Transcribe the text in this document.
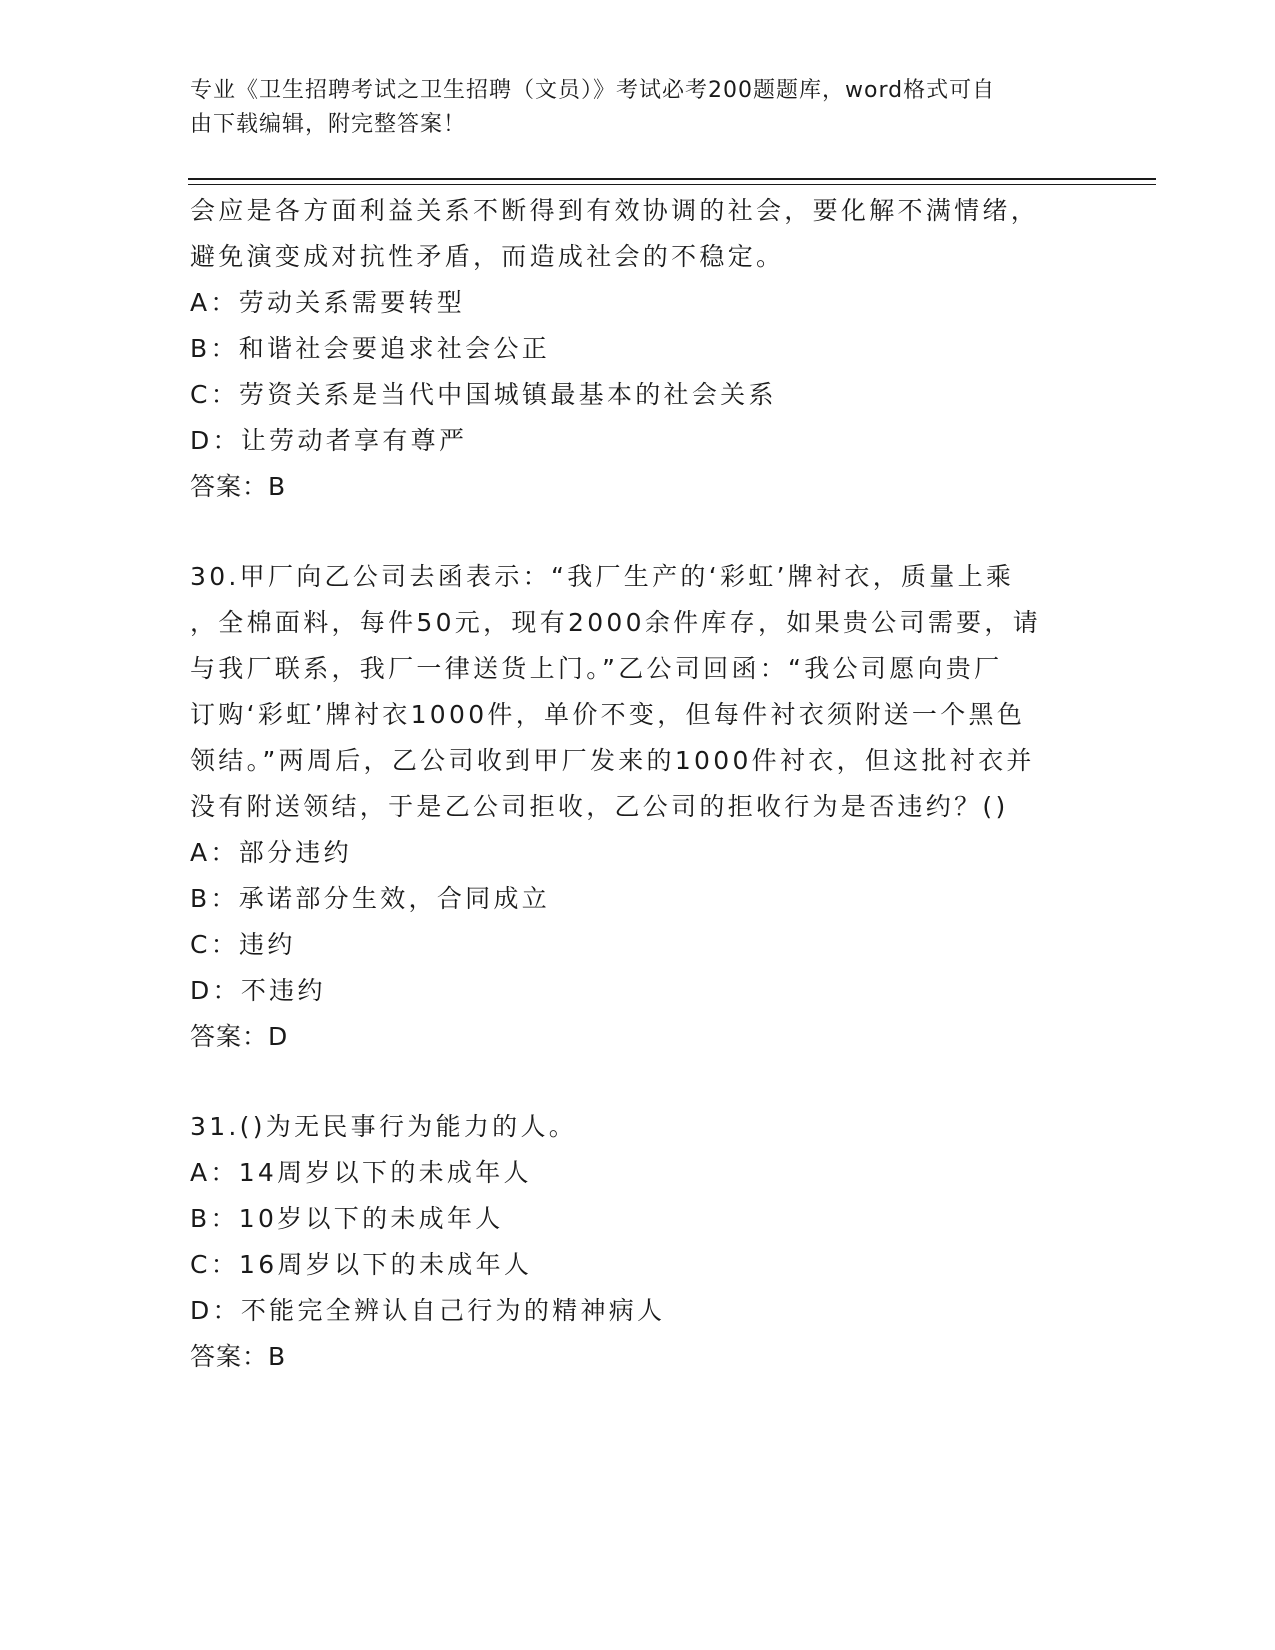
专业《卫生招聘考试之卫生招聘（文员）》考试必考200题题库，word格式可自
由下载编辑，附完整答案！
会应是各方面利益关系不断得到有效协调的社会，要化解不满情绪，
避免演变成对抗性矛盾，而造成社会的不稳定。
A：劳动关系需要转型
B：和谐社会要追求社会公正
C：劳资关系是当代中国城镇最基本的社会关系
D：让劳动者享有尊严
答案：B
30.甲厂向乙公司去函表示：“我厂生产的‘彩虹’牌衬衣，质量上乘
，全棉面料，每件50元，现有2000余件库存，如果贵公司需要，请
与我厂联系，我厂一律送货上门。”乙公司回函：“我公司愿向贵厂
订购‘彩虹’牌衬衣1000件，单价不变，但每件衬衣须附送一个黑色
领结。”两周后，乙公司收到甲厂发来的1000件衬衣，但这批衬衣并
没有附送领结，于是乙公司拒收，乙公司的拒收行为是否违约？()
A：部分违约
B：承诺部分生效，合同成立
C：违约
D：不违约
答案：D
31.()为无民事行为能力的人。
A：14周岁以下的未成年人
B：10岁以下的未成年人
C：16周岁以下的未成年人
D：不能完全辨认自己行为的精神病人
答案：B
